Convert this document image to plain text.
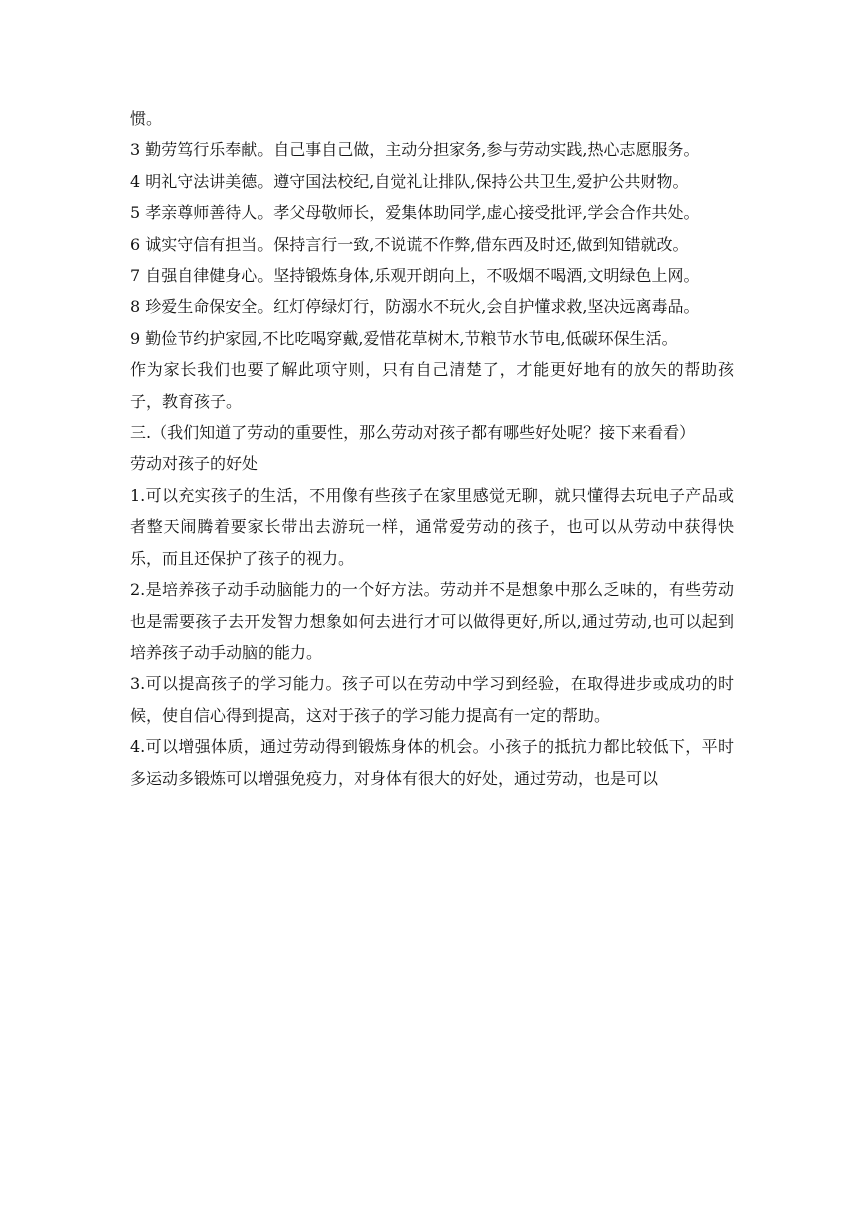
惯。

3 勤劳笃行乐奉献。自己事自己做，主动分担家务,参与劳动实践,热心志愿服务。

4 明礼守法讲美德。遵守国法校纪,自觉礼让排队,保持公共卫生,爱护公共财物。

5 孝亲尊师善待人。孝父母敬师长，爱集体助同学,虚心接受批评,学会合作共处。

6 诚实守信有担当。保持言行一致,不说谎不作弊,借东西及时还,做到知错就改。

7 自强自律健身心。坚持锻炼身体,乐观开朗向上，不吸烟不喝酒,文明绿色上网。

8 珍爱生命保安全。红灯停绿灯行，防溺水不玩火,会自护懂求救,坚决远离毒品。

9 勤俭节约护家园,不比吃喝穿戴,爱惜花草树木,节粮节水节电,低碳环保生活。

作为家长我们也要了解此项守则，只有自己清楚了，才能更好地有的放矢的帮助孩子，教育孩子。

三.（我们知道了劳动的重要性，那么劳动对孩子都有哪些好处呢？接下来看看）

劳动对孩子的好处

1.可以充实孩子的生活，不用像有些孩子在家里感觉无聊，就只懂得去玩电子产品或者整天闹腾着要家长带出去游玩一样，通常爱劳动的孩子，也可以从劳动中获得快乐，而且还保护了孩子的视力。

2.是培养孩子动手动脑能力的一个好方法。劳动并不是想象中那么乏味的，有些劳动也是需要孩子去开发智力想象如何去进行才可以做得更好,所以,通过劳动,也可以起到培养孩子动手动脑的能力。

3.可以提高孩子的学习能力。孩子可以在劳动中学习到经验，在取得进步或成功的时候，使自信心得到提高，这对于孩子的学习能力提高有一定的帮助。

4.可以增强体质，通过劳动得到锻炼身体的机会。小孩子的抵抗力都比较低下，平时多运动多锻炼可以增强免疫力，对身体有很大的好处，通过劳动，也是可以
